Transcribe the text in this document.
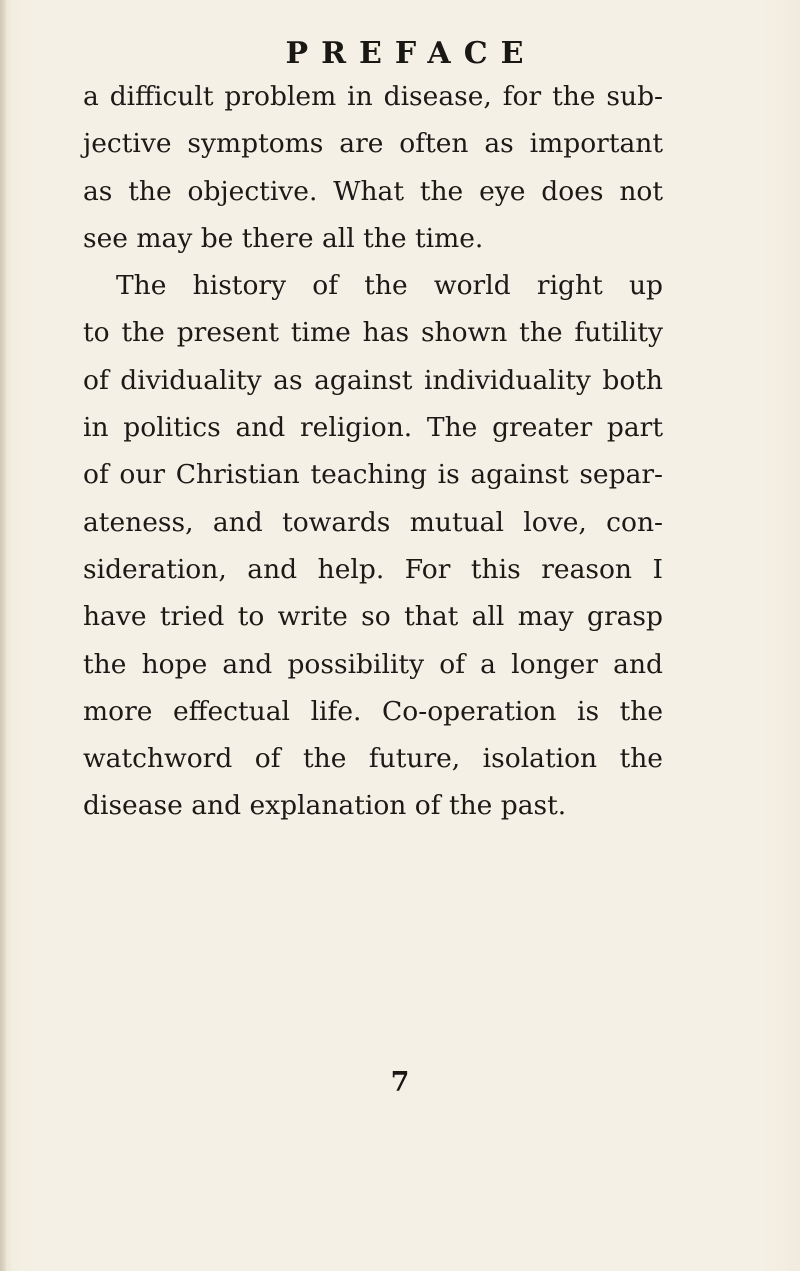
PREFACE
a difficult problem in disease, for the sub-
jective symptoms are often as important
as the objective. What the eye does not
see may be there all the time.
The history of the world right up
to the present time has shown the futility
of dividuality as against individuality both
in politics and religion. The greater part
of our Christian teaching is against separ-
ateness, and towards mutual love, con-
sideration, and help. For this reason I
have tried to write so that all may grasp
the hope and possibility of a longer and
more effectual life. Co-operation is the
watchword of the future, isolation the
disease and explanation of the past.
7
